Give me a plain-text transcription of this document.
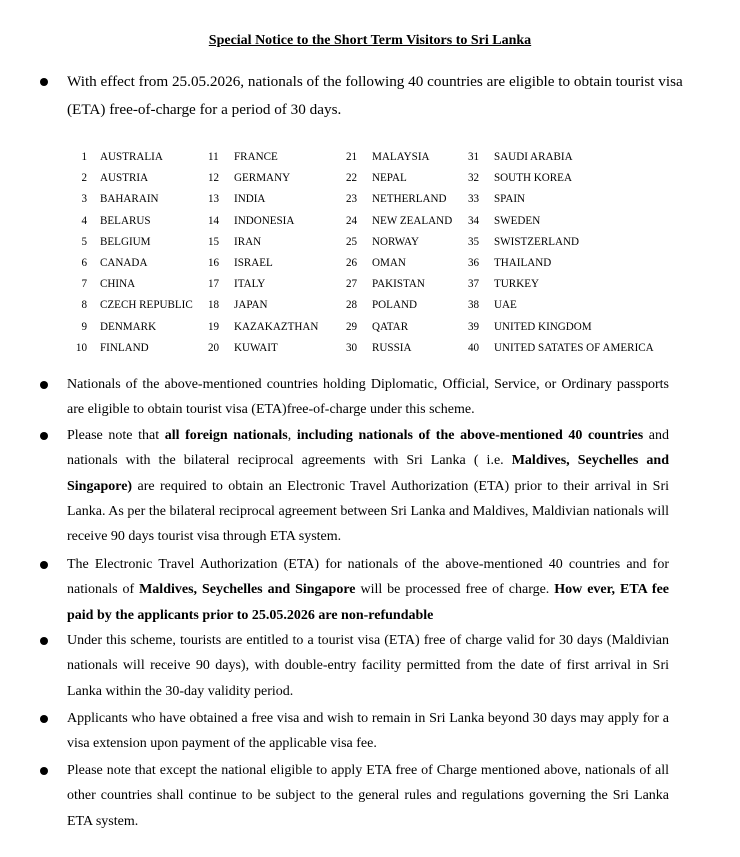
Special Notice to the Short Term Visitors to Sri Lanka
With effect from 25.05.2026, nationals of the following 40 countries are eligible to obtain tourist visa (ETA) free-of-charge for a period of 30 days.
1 AUSTRALIA
2 AUSTRIA
3 BAHARAIN
4 BELARUS
5 BELGIUM
6 CANADA
7 CHINA
8 CZECH REPUBLIC
9 DENMARK
10 FINLAND
11 FRANCE
12 GERMANY
13 INDIA
14 INDONESIA
15 IRAN
16 ISRAEL
17 ITALY
18 JAPAN
19 KAZAKAZTHAN
20 KUWAIT
21 MALAYSIA
22 NEPAL
23 NETHERLAND
24 NEW ZEALAND
25 NORWAY
26 OMAN
27 PAKISTAN
28 POLAND
29 QATAR
30 RUSSIA
31 SAUDI ARABIA
32 SOUTH KOREA
33 SPAIN
34 SWEDEN
35 SWISTZERLAND
36 THAILAND
37 TURKEY
38 UAE
39 UNITED KINGDOM
40 UNITED SATATES OF AMERICA
Nationals of the above-mentioned countries holding Diplomatic, Official, Service, or Ordinary passports are eligible to obtain tourist visa (ETA)free-of-charge under this scheme.
Please note that all foreign nationals, including nationals of the above-mentioned 40 countries and nationals with the bilateral reciprocal agreements with Sri Lanka ( i.e. Maldives, Seychelles and Singapore) are required to obtain an Electronic Travel Authorization (ETA) prior to their arrival in Sri Lanka. As per the bilateral reciprocal agreement between Sri Lanka and Maldives, Maldivian nationals will receive 90 days tourist visa through ETA system.
The Electronic Travel Authorization (ETA) for nationals of the above-mentioned 40 countries and for nationals of Maldives, Seychelles and Singapore will be processed free of charge. How ever, ETA fee paid by the applicants prior to 25.05.2026 are non-refundable
Under this scheme, tourists are entitled to a tourist visa (ETA) free of charge valid for 30 days (Maldivian nationals will receive 90 days), with double-entry facility permitted from the date of first arrival in Sri Lanka within the 30-day validity period.
Applicants who have obtained a free visa and wish to remain in Sri Lanka beyond 30 days may apply for a visa extension upon payment of the applicable visa fee.
Please note that except the national eligible to apply ETA free of Charge mentioned above, nationals of all other countries shall continue to be subject to the general rules and regulations governing the Sri Lanka ETA system.
